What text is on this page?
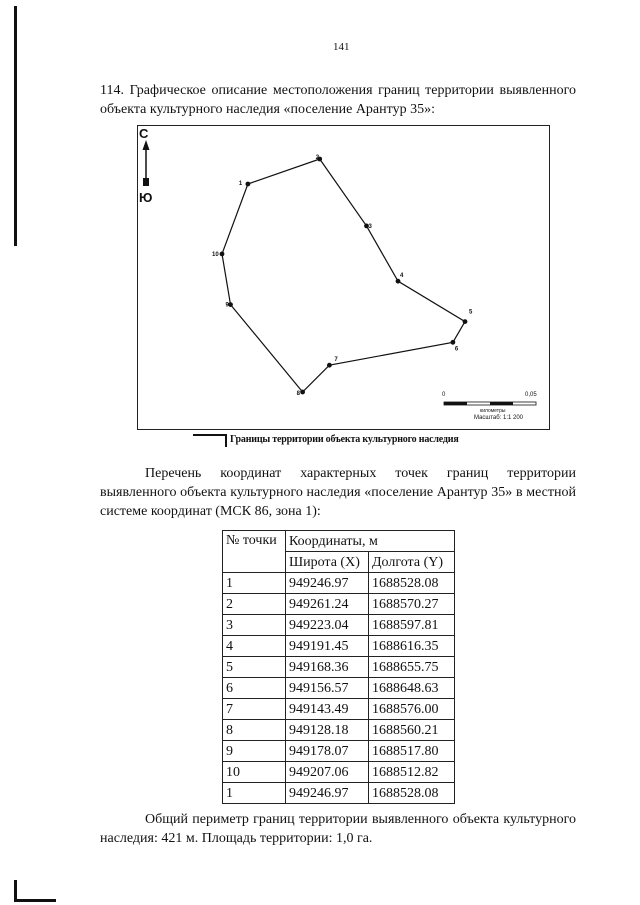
141

114. Графическое описание местоположения границ территории выявленного объекта культурного наследия «поселение Арантур 35»:

1
2
3
4
5
6
7
8
9
10
С
Ю
0	0,05
километры
Масштаб: 1:1 200
Границы территории объекта культурного наследия

Перечень координат характерных точек границ территории выявленного объекта культурного наследия «поселение Арантур 35» в местной системе координат (МСК 86, зона 1):

№ точки	Координаты, м	
	Широта (X)	Долгота (Y)
1	949246.97	1688528.08
2	949261.24	1688570.27
3	949223.04	1688597.81
4	949191.45	1688616.35
5	949168.36	1688655.75
6	949156.57	1688648.63
7	949143.49	1688576.00
8	949128.18	1688560.21
9	949178.07	1688517.80
10	949207.06	1688512.82
1	949246.97	1688528.08

Общий периметр границ территории выявленного объекта культурного наследия: 421 м. Площадь территории: 1,0 га.
